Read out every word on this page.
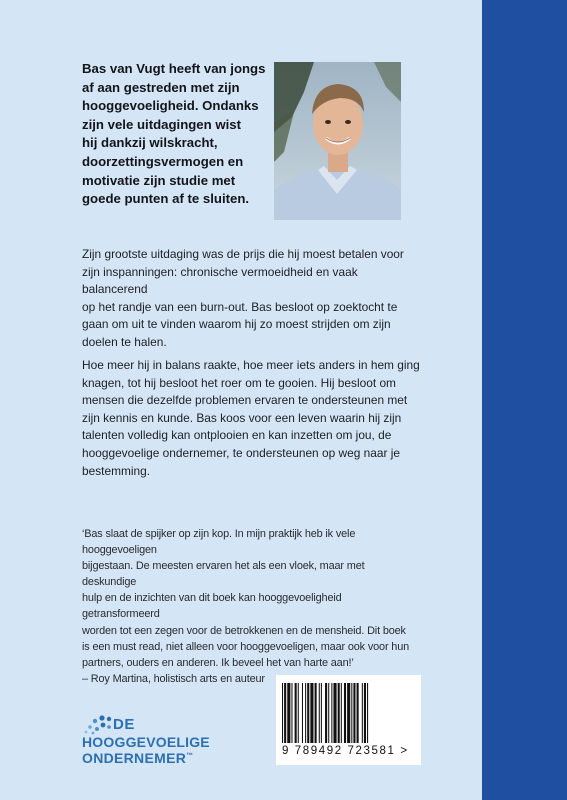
Bas van Vugt heeft van jongs

af aan gestreden met zijn

hooggevoeligheid. Ondanks

zijn vele uitdagingen wist

hij dankzij wilskracht,

doorzettingsvermogen en

motivatie zijn studie met

goede punten af te sluiten.

Zijn grootste uitdaging was de prijs die hij moest betalen voor

zijn inspanningen: chronische vermoeidheid en vaak balancerend

op het randje van een burn-out. Bas besloot op zoektocht te

gaan om uit te vinden waarom hij zo moest strijden om zijn

doelen te halen.

Hoe meer hij in balans raakte, hoe meer iets anders in hem ging

knagen, tot hij besloot het roer om te gooien. Hij besloot om

mensen die dezelfde problemen ervaren te ondersteunen met

zijn kennis en kunde. Bas koos voor een leven waarin hij zijn

talenten volledig kan ontplooien en kan inzetten om jou, de

hooggevoelige ondernemer, te ondersteunen op weg naar je

bestemming.

‘Bas slaat de spijker op zijn kop. In mijn praktijk heb ik vele hooggevoeligen

bijgestaan. De meesten ervaren het als een vloek, maar met deskundige

hulp en de inzichten van dit boek kan hooggevoeligheid getransformeerd

worden tot een zegen voor de betrokkenen en de mensheid. Dit boek

is een must read, niet alleen voor hooggevoeligen, maar ook voor hun

partners, ouders en anderen. Ik beveel het van harte aan!’

– Roy Martina, holistisch arts en auteur

DE
HOOGGEVOELIGE
ONDERNEMER™	9 789492 723581 >
